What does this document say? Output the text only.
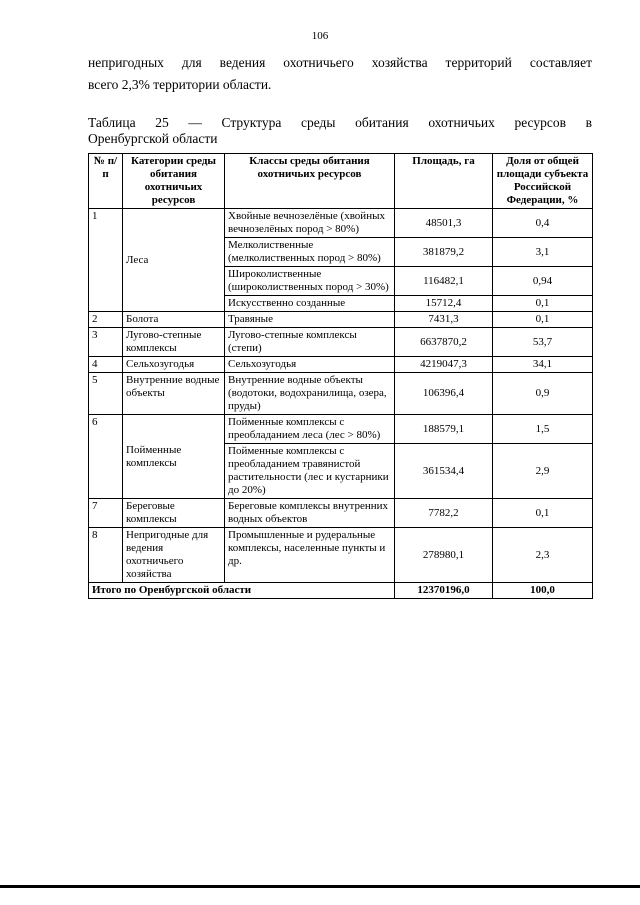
106
непригодных для ведения охотничьего хозяйства территорий составляет
всего 2,3% территории области.
Таблица 25 — Структура среды обитания охотничьих ресурсов в
Оренбургской области
№ п/п	Категории среды обитания охотничьих ресурсов	Классы среды обитания охотничьих ресурсов	Площадь, га	Доля от общей площади субъекта Российской Федерации, %
1	Леса	Хвойные вечнозелёные (хвойных вечнозелёных пород > 80%)	48501,3	0,4
		Мелколиственные (мелколиственных пород > 80%)	381879,2	3,1
		Широколиственные (широколиственных пород > 30%)	116482,1	0,94
		Искусственно созданные	15712,4	0,1
2	Болота	Травяные	7431,3	0,1
3	Лугово-степные комплексы	Лугово-степные комплексы (степи)	6637870,2	53,7
4	Сельхозугодья	Сельхозугодья	4219047,3	34,1
5	Внутренние водные объекты	Внутренние водные объекты (водотоки, водохранилища, озера, пруды)	106396,4	0,9
6	Пойменные комплексы	Пойменные комплексы с преобладанием леса (лес > 80%)	188579,1	1,5
		Пойменные комплексы с преобладанием травянистой растительности (лес и кустарники до 20%)	361534,4	2,9
7	Береговые комплексы	Береговые комплексы внутренних водных объектов	7782,2	0,1
8	Непригодные для ведения охотничьего хозяйства	Промышленные и рудеральные комплексы, населенные пункты и др.	278980,1	2,3
Итого по Оренбургской области			12370196,0	100,0
